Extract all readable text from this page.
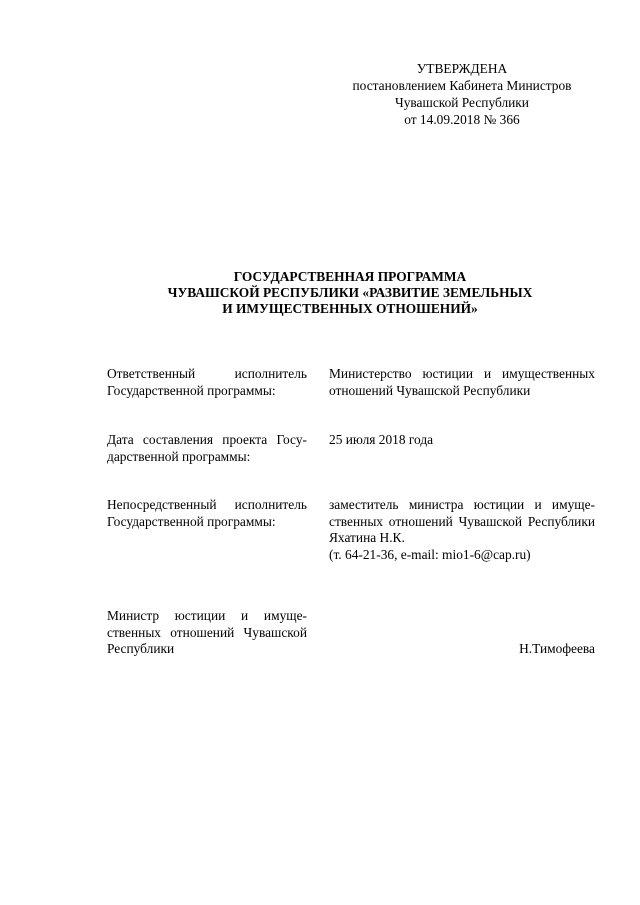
УТВЕРЖДЕНА
постановлением Кабинета Министров
Чувашской Республики
от 14.09.2018 № 366
ГОСУДАРСТВЕННАЯ ПРОГРАММА
ЧУВАШСКОЙ РЕСПУБЛИКИ «РАЗВИТИЕ ЗЕМЕЛЬНЫХ
И ИМУЩЕСТВЕННЫХ ОТНОШЕНИЙ»
Ответственный исполнитель Государственной программы:
Министерство юстиции и имущественных отношений Чувашской Республики
Дата составления проекта Государственной программы:
25 июля 2018 года
Непосредственный исполнитель Государственной программы:
заместитель министра юстиции и имущественных отношений Чувашской Республики Яхатина Н.К.
(т. 64-21-36, e-mail: mio1-6@cap.ru)
Министр юстиции и имущественных отношений Чувашской Республики	Н.Тимофеева
